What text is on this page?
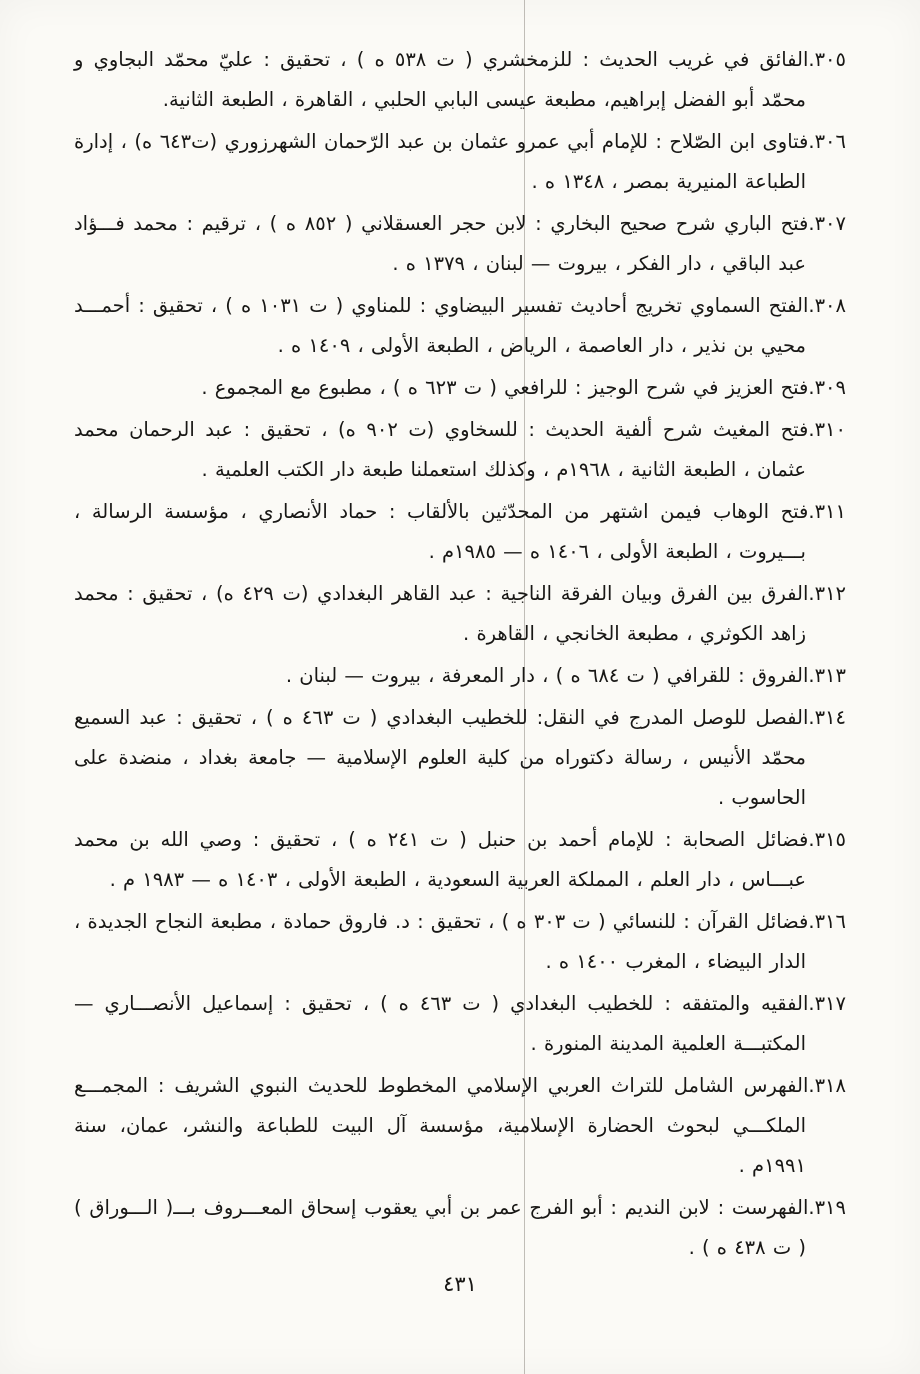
٣٠٥.الفائق في غريب الحديث : للزمخشري ( ت ٥٣٨ ه ) ، تحقيق : عليّ محمّد البجاوي و محمّد أبو الفضل إبراهيم، مطبعة عيسى البابي الحلبي ، القاهرة ، الطبعة الثانية.

٣٠٦.فتاوى ابن الصّلاح : للإمام أبي عمرو عثمان بن عبد الرّحمان الشهرزوري (ت٦٤٣ ه) ، إدارة الطباعة المنيرية بمصر ، ١٣٤٨ ه .

٣٠٧.فتح الباري شرح صحيح البخاري : لابن حجر العسقلاني ( ٨٥٢ ه ) ، ترقيم : محمد فـــؤاد عبد الباقي ، دار الفكر ، بيروت — لبنان ، ١٣٧٩ ه .

٣٠٨.الفتح السماوي تخريج أحاديث تفسير البيضاوي : للمناوي ( ت ١٠٣١ ه ) ، تحقيق : أحمـــد محيي بن نذير ، دار العاصمة ، الرياض ، الطبعة الأولى ، ١٤٠٩ ه .

٣٠٩.فتح العزيز في شرح الوجيز : للرافعي ( ت ٦٢٣ ه ) ، مطبوع مع المجموع .

٣١٠.فتح المغيث شرح ألفية الحديث : للسخاوي (ت ٩٠٢ ه) ، تحقيق : عبد الرحمان محمد عثمان ، الطبعة الثانية ، ١٩٦٨م ، وكذلك استعملنا طبعة دار الكتب العلمية .

٣١١.فتح الوهاب فيمن اشتهر من المحدّثين بالألقاب : حماد الأنصاري ، مؤسسة الرسالة ، بـــيروت ، الطبعة الأولى ، ١٤٠٦ ه — ١٩٨٥م .

٣١٢.الفرق بين الفرق وبيان الفرقة الناجية : عبد القاهر البغدادي (ت ٤٢٩ ه) ، تحقيق : محمد زاهد الكوثري ، مطبعة الخانجي ، القاهرة .

٣١٣.الفروق : للقرافي ( ت ٦٨٤ ه ) ، دار المعرفة ، بيروت — لبنان .

٣١٤.الفصل للوصل المدرج في النقل: للخطيب البغدادي ( ت ٤٦٣ ه ) ، تحقيق : عبد السميع محمّد الأنيس ، رسالة دكتوراه من كلية العلوم الإسلامية — جامعة بغداد ، منضدة على الحاسوب .

٣١٥.فضائل الصحابة : للإمام أحمد بن حنبل ( ت ٢٤١ ه ) ، تحقيق : وصي الله بن محمد عبـــاس ، دار العلم ، المملكة العربية السعودية ، الطبعة الأولى ، ١٤٠٣ ه — ١٩٨٣ م .

٣١٦.فضائل القرآن : للنسائي ( ت ٣٠٣ ه ) ، تحقيق : د. فاروق حمادة ، مطبعة النجاح الجديدة ، الدار البيضاء ، المغرب ١٤٠٠ ه .

٣١٧.الفقيه والمتفقه : للخطيب البغدادي ( ت ٤٦٣ ه ) ، تحقيق : إسماعيل الأنصـــاري — المكتبـــة العلمية المدينة المنورة .

٣١٨.الفهرس الشامل للتراث العربي الإسلامي المخطوط للحديث النبوي الشريف : المجمـــع الملكـــي لبحوث الحضارة الإسلامية، مؤسسة آل البيت للطباعة والنشر، عمان، سنة ١٩٩١م .

٣١٩.الفهرست : لابن النديم : أبو الفرج عمر بن أبي يعقوب إسحاق المعـــروف بـــ( الـــوراق ) ( ت ٤٣٨ ه ) .

٤٣١
